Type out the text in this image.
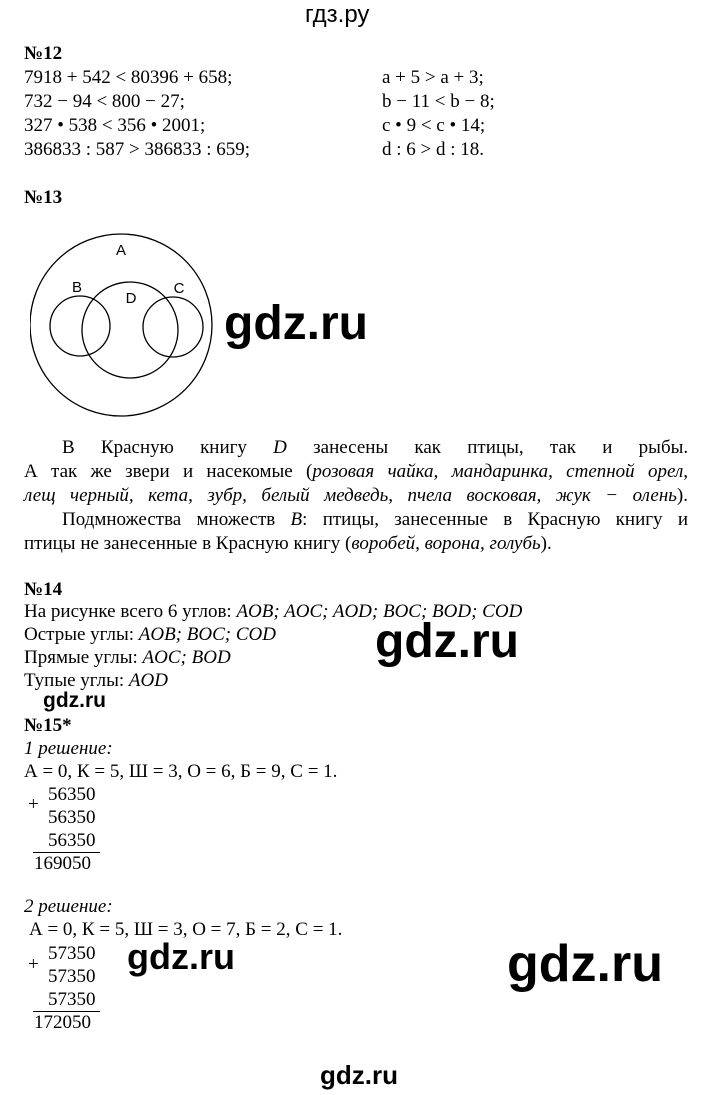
гдз.ру
№12
7918 + 542 < 80396 + 658;
732 − 94 < 800 − 27;
327 • 538 < 356 • 2001;
386833 : 587 > 386833 : 659;
a + 5 > a + 3;
b − 11 < b − 8;
c • 9 < c • 14;
d : 6 > d : 18.
№13
A
B
D
C
В Красную книгу D занесены как птицы, так и рыбы.
А так же звери и насекомые (розовая чайка, мандаринка, степной орел,
лещ черный, кета, зубр, белый медведь, пчела восковая, жук − олень).
Подмножества множеств B: птицы, занесенные в Красную книгу и
птицы не занесенные в Красную книгу (воробей, ворона, голубь).
№14
На рисунке всего 6 углов: AOB; AOC; AOD; BOC; BOD; COD
Острые углы: AOB; BOC; COD
Прямые углы: AOC; BOD
Тупые углы: AOD
№15*
1 решение:
А = 0, К = 5, Ш = 3, О = 6, Б = 9, С = 1.
+ 56350
56350
56350
169050
2 решение:
А = 0, К = 5, Ш = 3, О = 7, Б = 2, С = 1.
+
57350
57350
57350
172050
gdz.ru
gdz.ru
gdz.ru
gdz.ru	gdz.ru
gdz.ru
